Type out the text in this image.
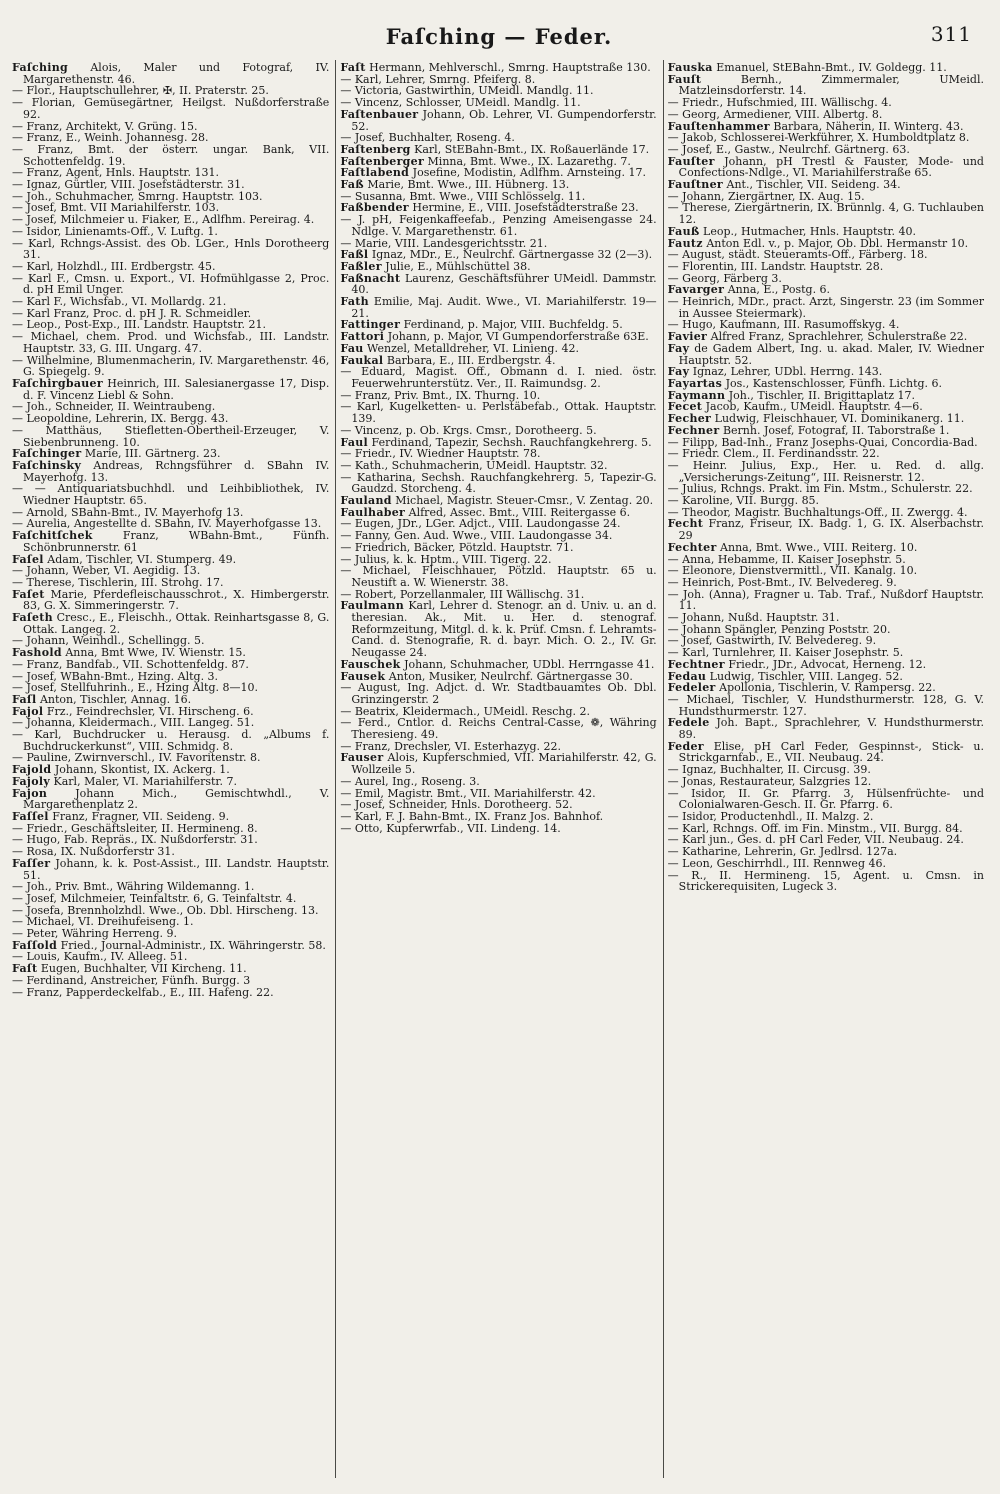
Faſching — Feder.	311

Faſching Alois, Maler und Fotograf, IV. Margarethenstr. 46.

— Flor., Hauptschullehrer, ✠, II. Praterstr. 25.

— Florian, Gemüsegärtner, Heilgst. Nußdorferstraße 92.

— Franz, Architekt, V. Grüng. 15.

— Franz, E., Weinh. Johannesg. 28.

— Franz, Bmt. der österr. ungar. Bank, VII. Schottenfeldg. 19.

— Franz, Agent, Hnls. Hauptstr. 131.

— Ignaz, Gürtler, VIII. Josefstädterstr. 31.

— Joh., Schuhmacher, Smrng. Hauptstr. 103.

— Josef, Bmt. VII Mariahilferstr. 103.

— Josef, Milchmeier u. Fiaker, E., Adlfhm. Pereirag. 4.

— Isidor, Linienamts-Off., V. Luftg. 1.

— Karl, Rchngs-Assist. des Ob. LGer., Hnls Dorotheerg 31.

— Karl, Holzhdl., III. Erdbergstr. 45.

— Karl F., Cmsn. u. Export., VI. Hofmühlgasse 2, Proc. d. pH Emil Unger.

— Karl F., Wichsfab., VI. Mollardg. 21.

— Karl Franz, Proc. d. pH J. R. Schmeidler.

— Leop., Post-Exp., III. Landstr. Hauptstr. 21.

— Michael, chem. Prod. und Wichsfab., III. Landstr. Hauptstr. 33, G. III. Ungarg. 47.

— Wilhelmine, Blumenmacherin, IV. Margarethenstr. 46, G. Spiegelg. 9.

Faſchirgbauer Heinrich, III. Salesianergasse 17, Disp. d. F. Vincenz Liebl & Sohn.

— Joh., Schneider, II. Weintraubeng.

— Leopoldine, Lehrerin, IX. Bergg. 43.

— Matthäus, Stiefletten-Obertheil-Erzeuger, V. Siebenbrunneng. 10.

Faſchinger Marie, III. Gärtnerg. 23.

Faſchinsky Andreas, Rchngsführer d. SBahn IV. Mayerhofg. 13.

— — Antiquariatsbuchhdl. und Leihbibliothek, IV. Wiedner Hauptstr. 65.

— Arnold, SBahn-Bmt., IV. Mayerhofg 13.

— Aurelia, Angestellte d. SBahn, IV. Mayerhofgasse 13.

Faſchitſchek Franz, WBahn-Bmt., Fünfh. Schönbrunnerstr. 61

Faſel Adam, Tischler, VI. Stumperg. 49.

— Johann, Weber, VI. Aegidig. 13.

— Therese, Tischlerin, III. Strohg. 17.

Faſet Marie, Pferdefleischausschrot., X. Himbergerstr. 83, G. X. Simmeringerstr. 7.

Faſeth Cresc., E., Fleischh., Ottak. Reinhartsgasse 8, G. Ottak. Langeg. 2.

— Johann, Weinhdl., Schellingg. 5.

Fashold Anna, Bmt Wwe, IV. Wienstr. 15.

— Franz, Bandfab., VII. Schottenfeldg. 87.

— Josef, WBahn-Bmt., Hzing. Altg. 3.

— Josef, Stellfuhrinh., E., Hzing Altg. 8—10.

Faſl Anton, Tischler, Annag. 16.

Fajol Frz., Feindrechsler, VI. Hirscheng. 6.

— Johanna, Kleidermach., VIII. Langeg. 51.

— Karl, Buchdrucker u. Herausg. d. „Albums f. Buchdruckerkunst“, VIII. Schmidg. 8.

— Pauline, Zwirnverschl., IV. Favoritenstr. 8.

Fajold Johann, Skontist, IX. Ackerg. 1.

Fajoly Karl, Maler, VI. Mariahilferstr. 7.

Fajon Johann Mich., Gemischtwhdl., V. Margarethenplatz 2.

Faſſel Franz, Fragner, VII. Seideng. 9.

— Friedr., Geschäftsleiter, II. Hermineng. 8.

— Hugo, Fab. Repräs., IX. Nußdorferstr. 31.

— Rosa, IX. Nußdorferstr 31.

Faſſer Johann, k. k. Post-Assist., III. Landstr. Hauptstr. 51.

— Joh., Priv. Bmt., Währing Wildemanng. 1.

— Josef, Milchmeier, Teinfaltstr. 6, G. Teinfaltstr. 4.

— Josefa, Brennholzhdl. Wwe., Ob. Dbl. Hirscheng. 13.

— Michael, VI. Dreihufeiseng. 1.

— Peter, Währing Herreng. 9.

Faſſold Fried., Journal-Administr., IX. Währingerstr. 58.

— Louis, Kaufm., IV. Alleeg. 51.

Faſt Eugen, Buchhalter, VII Kircheng. 11.

— Ferdinand, Anstreicher, Fünfh. Burgg. 3

— Franz, Papperdeckelfab., E., III. Hafeng. 22.

Faſt Hermann, Mehlverschl., Smrng. Hauptstraße 130.

— Karl, Lehrer, Smrng. Pfeiferg. 8.

— Victoria, Gastwirthin, UMeidl. Mandlg. 11.

— Vincenz, Schlosser, UMeidl. Mandlg. 11.

Faſtenbauer Johann, Ob. Lehrer, VI. Gumpendorferstr. 52.

— Josef, Buchhalter, Roseng. 4.

Faſtenberg Karl, StEBahn-Bmt., IX. Roßauerlände 17.

Faſtenberger Minna, Bmt. Wwe., IX. Lazarethg. 7.

Faſtlabend Josefine, Modistin, Adlfhm. Arnsteing. 17.

Faß Marie, Bmt. Wwe., III. Hübnerg. 13.

— Susanna, Bmt. Wwe., VIII Schlösselg. 11.

Faßbender Hermine, E., VIII. Josefstädterstraße 23.

— J. pH, Feigenkaffeefab., Penzing Ameisengasse 24. Ndlge. V. Margarethenstr. 61.

— Marie, VIII. Landesgerichtsstr. 21.

Faßl Ignaz, MDr., E., Neulrchf. Gärtnergasse 32 (2—3).

Faßler Julie, E., Mühlschüttel 38.

Faßnacht Laurenz, Geschäftsführer UMeidl. Dammstr. 40.

Fath Emilie, Maj. Audit. Wwe., VI. Mariahilferstr. 19—21.

Fattinger Ferdinand, p. Major, VIII. Buchfeldg. 5.

Fattori Johann, p. Major, VI Gumpendorferstraße 63E.

Fau Wenzel, Metalldreher, VI. Linieng. 42.

Faukal Barbara, E., III. Erdbergstr. 4.

— Eduard, Magist. Off., Obmann d. I. nied. östr. Feuerwehrunterstütz. Ver., II. Raimundsg. 2.

— Franz, Priv. Bmt., IX. Thurng. 10.

— Karl, Kugelketten- u. Perlstäbefab., Ottak. Hauptstr. 139.

— Vincenz, p. Ob. Krgs. Cmsr., Dorotheerg. 5.

Faul Ferdinand, Tapezir, Sechsh. Rauchfangkehrerg. 5.

— Friedr., IV. Wiedner Hauptstr. 78.

— Kath., Schuhmacherin, UMeidl. Hauptstr. 32.

— Katharina, Sechsh. Rauchfangkehrerg. 5, Tapezir-G. Gaudzd. Storcheng. 4.

Fauland Michael, Magistr. Steuer-Cmsr., V. Zentag. 20.

Faulhaber Alfred, Assec. Bmt., VIII. Reitergasse 6.

— Eugen, JDr., LGer. Adjct., VIII. Laudongasse 24.

— Fanny, Gen. Aud. Wwe., VIII. Laudongasse 34.

— Friedrich, Bäcker, Pötzld. Hauptstr. 71.

— Julius, k. k. Hptm., VIII. Tigerg. 22.

— Michael, Fleischhauer, Pötzld. Hauptstr. 65 u. Neustift a. W. Wienerstr. 38.

— Robert, Porzellanmaler, III Wällischg. 31.

Faulmann Karl, Lehrer d. Stenogr. an d. Univ. u. an d. theresian. Ak., Mit. u. Her. d. stenograf. Reformzeitung, Mitgl. d. k. k. Prüf. Cmsn. f. Lehramts-Cand. d. Stenografie, R. d. bayr. Mich. O. 2., IV. Gr. Neugasse 24.

Fauschek Johann, Schuhmacher, UDbl. Herrngasse 41.

Fausek Anton, Musiker, Neulrchf. Gärtnergasse 30.

— August, Ing. Adjct. d. Wr. Stadtbauamtes Ob. Dbl. Grinzingerstr. 2

— Beatrix, Kleidermach., UMeidl. Reschg. 2.

— Ferd., Cntlor. d. Reichs Central-Casse, ❁, Währing Theresieng. 49.

— Franz, Drechsler, VI. Esterhazyg. 22.

Fauser Alois, Kupferschmied, VII. Mariahilferstr. 42, G. Wollzeile 5.

— Aurel, Ing., Roseng. 3.

— Emil, Magistr. Bmt., VII. Mariahilferstr. 42.

— Josef, Schneider, Hnls. Dorotheerg. 52.

— Karl, F. J. Bahn-Bmt., IX. Franz Jos. Bahnhof.

— Otto, Kupferwrfab., VII. Lindeng. 14.

Fauska Emanuel, StEBahn-Bmt., IV. Goldegg. 11.

Fauſt Bernh., Zimmermaler, UMeidl. Matzleinsdorferstr. 14.

— Friedr., Hufschmied, III. Wällischg. 4.

— Georg, Armediener, VIII. Albertg. 8.

Fauſtenhammer Barbara, Näherin, II. Winterg. 43.

— Jakob, Schlosserei-Werkführer, X. Humboldtplatz 8.

— Josef, E., Gastw., Neulrchf. Gärtnerg. 63.

Fauſter Johann, pH Trestl & Fauster, Mode- und Confections-Ndlge., VI. Mariahilferstraße 65.

Fauſtner Ant., Tischler, VII. Seideng. 34.

— Johann, Ziergärtner, IX. Aug. 15.

— Therese, Ziergärtnerin, IX. Brünnlg. 4, G. Tuchlauben 12.

Fauß Leop., Hutmacher, Hnls. Hauptstr. 40.

Fautz Anton Edl. v., p. Major, Ob. Dbl. Hermanstr 10.

— August, städt. Steueramts-Off., Färberg. 18.

— Florentin, III. Landstr. Hauptstr. 28.

— Georg, Färberg 3.

Favarger Anna, E., Postg. 6.

— Heinrich, MDr., pract. Arzt, Singerstr. 23 (im Sommer in Aussee Steiermark).

— Hugo, Kaufmann, III. Rasumoffskyg. 4.

Favier Alfred Franz, Sprachlehrer, Schulerstraße 22.

Fay de Gadem Albert, Ing. u. akad. Maler, IV. Wiedner Hauptstr. 52.

Fay Ignaz, Lehrer, UDbl. Herrng. 143.

Fayartas Jos., Kastenschlosser, Fünfh. Lichtg. 6.

Faymann Joh., Tischler, II. Brigittaplatz 17.

Fecet Jacob, Kaufm., UMeidl. Hauptstr. 4—6.

Fecher Ludwig, Fleischhauer, VI. Dominikanerg. 11.

Fechner Bernh. Josef, Fotograf, II. Taborstraße 1.

— Filipp, Bad-Inh., Franz Josephs-Quai, Concordia-Bad.

— Friedr. Clem., II. Ferdinandsstr. 22.

— Heinr. Julius, Exp., Her. u. Red. d. allg. „Versicherungs-Zeitung“, III. Reisnerstr. 12.

— Julius, Rchngs. Prakt. im Fin. Mstm., Schulerstr. 22.

— Karoline, VII. Burgg. 85.

— Theodor, Magistr. Buchhaltungs-Off., II. Zwergg. 4.

Fecht Franz, Friseur, IX. Badg. 1, G. IX. Alserbachstr. 29

Fechter Anna, Bmt. Wwe., VIII. Reiterg. 10.

— Anna, Hebamme, II. Kaiser Josephstr. 5.

— Eleonore, Dienstvermittl., VII. Kanalg. 10.

— Heinrich, Post-Bmt., IV. Belvedereg. 9.

— Joh. (Anna), Fragner u. Tab. Traf., Nußdorf Hauptstr. 11.

— Johann, Nußd. Hauptstr. 31.

— Johann Spängler, Penzing Poststr. 20.

— Josef, Gastwirth, IV. Belvedereg. 9.

— Karl, Turnlehrer, II. Kaiser Josephstr. 5.

Fechtner Friedr., JDr., Advocat, Herneng. 12.

Fedau Ludwig, Tischler, VIII. Langeg. 52.

Fedeler Apollonia, Tischlerin, V. Rampersg. 22.

— Michael, Tischler, V. Hundsthurmerstr. 128, G. V. Hundsthurmerstr. 127.

Fedele Joh. Bapt., Sprachlehrer, V. Hundsthurmerstr. 89.

Feder Elise, pH Carl Feder, Gespinnst-, Stick- u. Strickgarnfab., E., VII. Neubaug. 24.

— Ignaz, Buchhalter, II. Circusg. 39.

— Jonas, Restaurateur, Salzgries 12.

— Isidor, II. Gr. Pfarrg. 3, Hülsenfrüchte- und Colonialwaren-Gesch. II. Gr. Pfarrg. 6.

— Isidor, Productenhdl., II. Malzg. 2.

— Karl, Rchngs. Off. im Fin. Minstm., VII. Burgg. 84.

— Karl jun., Ges. d. pH Carl Feder, VII. Neubaug. 24.

— Katharine, Lehrerin, Gr. Jedlrsd. 127a.

— Leon, Geschirrhdl., III. Rennweg 46.

— R., II. Hermineng. 15, Agent. u. Cmsn. in Strickerequisiten, Lugeck 3.
